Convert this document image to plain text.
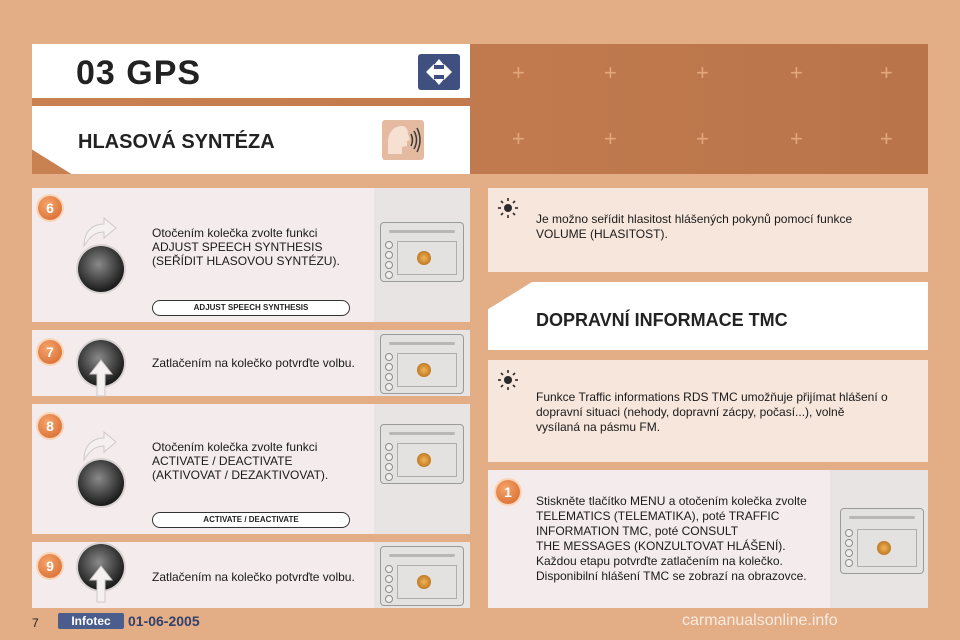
+	+	+	+	+
+	+	+	+	+
03 GPS
HLASOVÁ SYNTÉZA
6
Otočením kolečka zvolte funkci
ADJUST SPEECH SYNTHESIS
(SEŘÍDIT HLASOVOU SYNTÉZU).
ADJUST SPEECH SYNTHESIS
7
Zatlačením na kolečko potvrďte volbu.
8
Otočením kolečka zvolte funkci
ACTIVATE / DEACTIVATE
(AKTIVOVAT / DEZAKTIVOVAT).
ACTIVATE / DEACTIVATE
9
Zatlačením na kolečko potvrďte volbu.
Je možno seřídit hlasitost hlášených pokynů pomocí funkce
VOLUME (HLASITOST).
DOPRAVNÍ INFORMACE TMC
Funkce Traffic informations RDS TMC umožňuje přijímat hlášení o
dopravní situaci (nehody, dopravní zácpy, počasí...), volně
vysílaná na pásmu FM.
1
Stiskněte tlačítko MENU a otočením kolečka zvolte
TELEMATICS (TELEMATIKA), poté TRAFFIC
INFORMATION TMC, poté CONSULT
THE MESSAGES (KONZULTOVAT HLÁŠENÍ).
Každou etapu potvrďte zatlačením na kolečko.
Disponibilní hlášení TMC se zobrazí na obrazovce.
7	Infotec	01-06-2005	carmanualsonline.info
